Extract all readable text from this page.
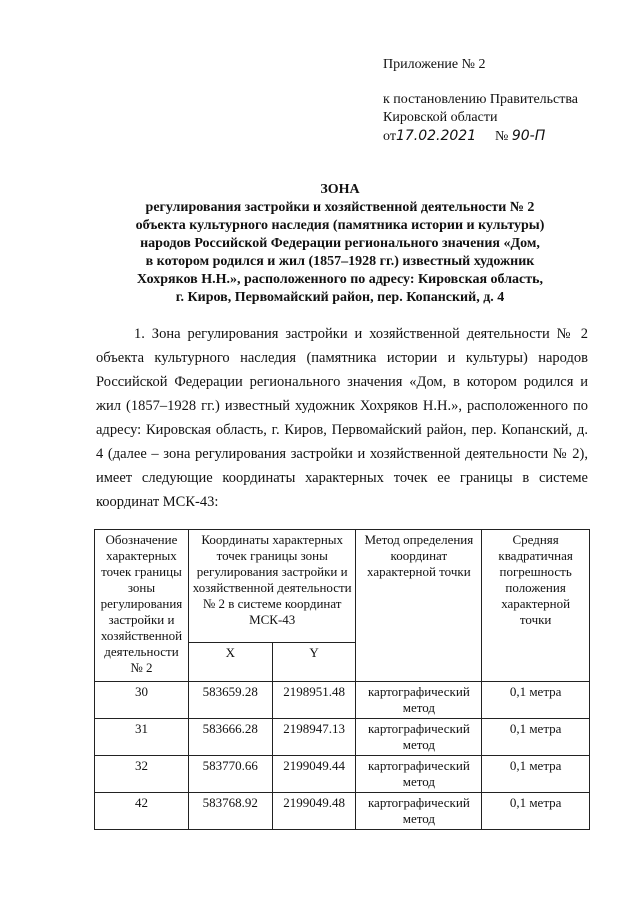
Приложение № 2
к постановлению Правительства
Кировской области
от17.02.2021 № 90-П
ЗОНА
регулирования застройки и хозяйственной деятельности № 2
объекта культурного наследия (памятника истории и культуры)
народов Российской Федерации регионального значения «Дом,
в котором родился и жил (1857–1928 гг.) известный художник
Хохряков Н.Н.», расположенного по адресу: Кировская область,
г. Киров, Первомайский район, пер. Копанский, д. 4
1. Зона регулирования застройки и хозяйственной деятельности № 2 объекта культурного наследия (памятника истории и культуры) народов Российской Федерации регионального значения «Дом, в котором родился и жил (1857–1928 гг.) известный художник Хохряков Н.Н.», расположенного по адресу: Кировская область, г. Киров, Первомайский район, пер. Копанский, д. 4 (далее – зона регулирования застройки и хозяйственной деятельности № 2), имеет следующие координаты характерных точек ее границы в системе координат МСК-43:
Обозначение характерных точек границы зоны регулирования застройки и хозяйственной деятельности № 2	Координаты характерных точек границы зоны регулирования застройки и хозяйственной деятельности № 2 в системе координат МСК-43		Метод определения координат характерной точки	Средняя квадратичная погрешность положения характерной точки
	X	Y		
30	583659.28	2198951.48	картографический метод	0,1 метра
31	583666.28	2198947.13	картографический метод	0,1 метра
32	583770.66	2199049.44	картографический метод	0,1 метра
42	583768.92	2199049.48	картографический метод	0,1 метра
